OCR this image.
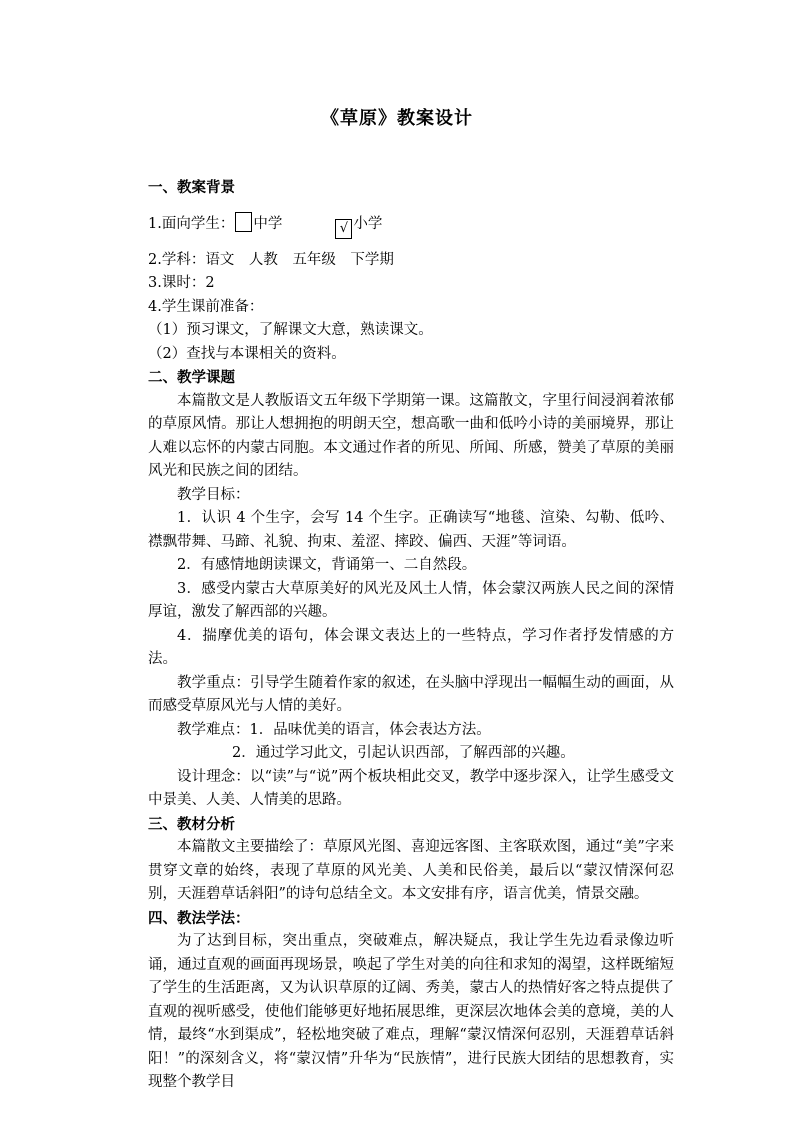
《草原》教案设计

一、教案背景

1.面向学生： 中学	√ 小学

2.学科：语文　人教　五年级　下学期

3.课时：2

4.学生课前准备：

（1）预习课文，了解课文大意，熟读课文。

（2）查找与本课相关的资料。

二、教学课题

本篇散文是人教版语文五年级下学期第一课。这篇散文，字里行间浸润着浓郁的草原风情。那让人想拥抱的明朗天空，想高歌一曲和低吟小诗的美丽境界，那让人难以忘怀的内蒙古同胞。本文通过作者的所见、所闻、所感，赞美了草原的美丽风光和民族之间的团结。

教学目标：

1．认识 4 个生字，会写 14 个生字。正确读写“地毯、渲染、勾勒、低吟、襟飘带舞、马蹄、礼貌、拘束、羞涩、摔跤、偏西、天涯”等词语。

2．有感情地朗读课文，背诵第一、二自然段。

3．感受内蒙古大草原美好的风光及风土人情，体会蒙汉两族人民之间的深情厚谊，激发了解西部的兴趣。

4．揣摩优美的语句，体会课文表达上的一些特点，学习作者抒发情感的方法。

教学重点：引导学生随着作家的叙述，在头脑中浮现出一幅幅生动的画面，从而感受草原风光与人情的美好。

教学难点：1．品味优美的语言，体会表达方法。

2．通过学习此文，引起认识西部，了解西部的兴趣。

设计理念：以“读”与“说”两个板块相此交叉，教学中逐步深入，让学生感受文中景美、人美、人情美的思路。

三、教材分析

本篇散文主要描绘了：草原风光图、喜迎远客图、主客联欢图，通过“美”字来贯穿文章的始终，表现了草原的风光美、人美和民俗美，最后以“蒙汉情深何忍别，天涯碧草话斜阳”的诗句总结全文。本文安排有序，语言优美，情景交融。

四、教法学法：

为了达到目标，突出重点，突破难点，解决疑点，我让学生先边看录像边听诵，通过直观的画面再现场景，唤起了学生对美的向往和求知的渴望，这样既缩短了学生的生活距离，又为认识草原的辽阔、秀美，蒙古人的热情好客之特点提供了直观的视听感受，使他们能够更好地拓展思维，更深层次地体会美的意境，美的人情，最终“水到渠成”，轻松地突破了难点，理解“蒙汉情深何忍别，天涯碧草话斜阳！”的深刻含义，将“蒙汉情”升华为“民族情”，进行民族大团结的思想教育，实现整个教学目
